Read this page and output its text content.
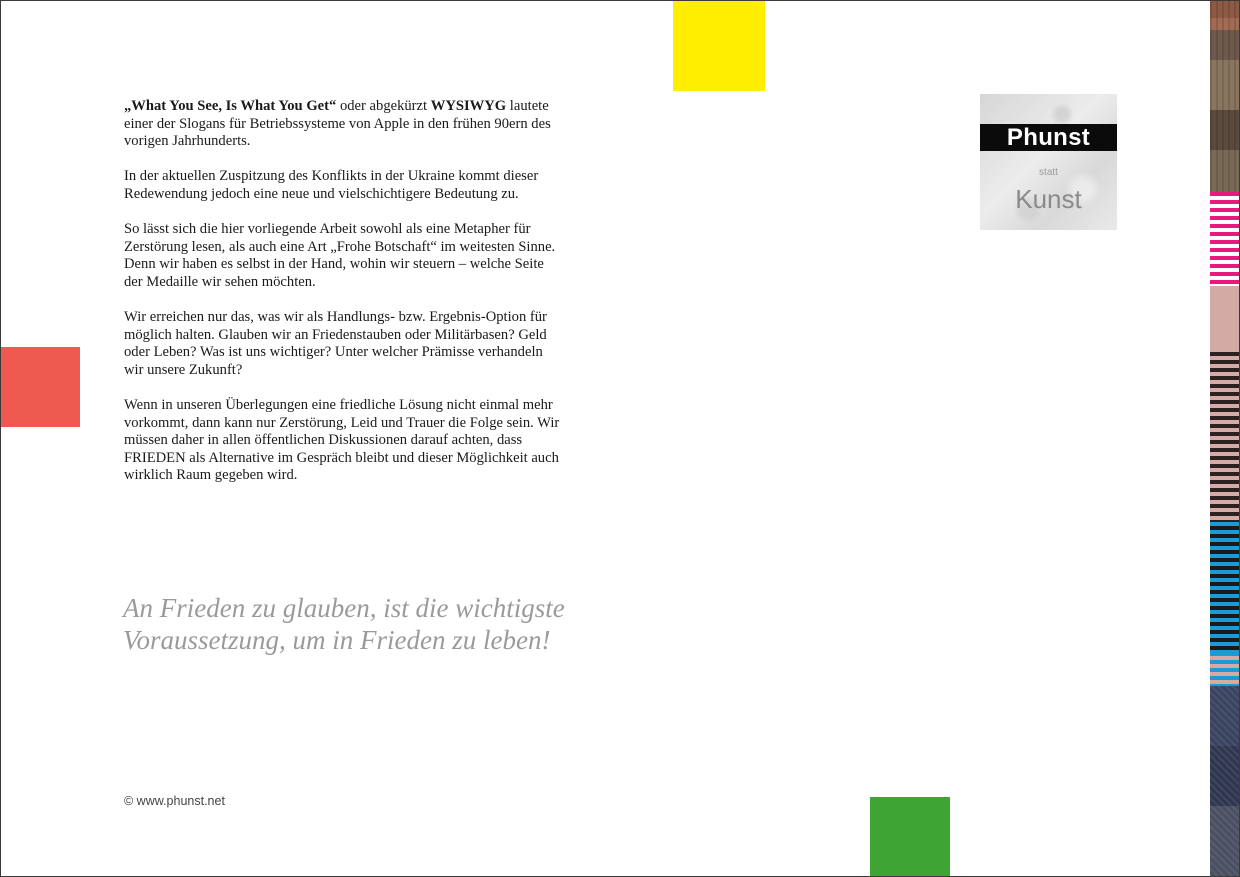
„What You See, Is What You Get“ oder abgekürzt WYSIWYG lautete einer der Slogans für Betriebssysteme von Apple in den frühen 90ern des vorigen Jahrhunderts.

In der aktuellen Zuspitzung des Konflikts in der Ukraine kommt dieser Redewendung jedoch eine neue und vielschichtigere Bedeutung zu.

So lässt sich die hier vorliegende Arbeit sowohl als eine Metapher für Zerstörung lesen, als auch eine Art „Frohe Botschaft“ im weitesten Sinne. Denn wir haben es selbst in der Hand, wohin wir steuern – welche Seite der Medaille wir sehen möchten.

Wir erreichen nur das, was wir als Handlungs- bzw. Ergebnis-Option für möglich halten. Glauben wir an Friedenstauben oder Militärbasen? Geld oder Leben? Was ist uns wichtiger? Unter welcher Prämisse verhandeln wir unsere Zukunft?

Wenn in unseren Überlegungen eine friedliche Lösung nicht einmal mehr vorkommt, dann kann nur Zerstörung, Leid und Trauer die Folge sein. Wir müssen daher in allen öffentlichen Diskussionen darauf achten, dass FRIEDEN als Alternative im Gespräch bleibt und dieser Möglichkeit auch wirklich Raum gegeben wird.

An Frieden zu glauben, ist die wichtigste
Voraussetzung, um in Frieden zu leben!
© www.phunst.net
Phunst
statt
Kunst
